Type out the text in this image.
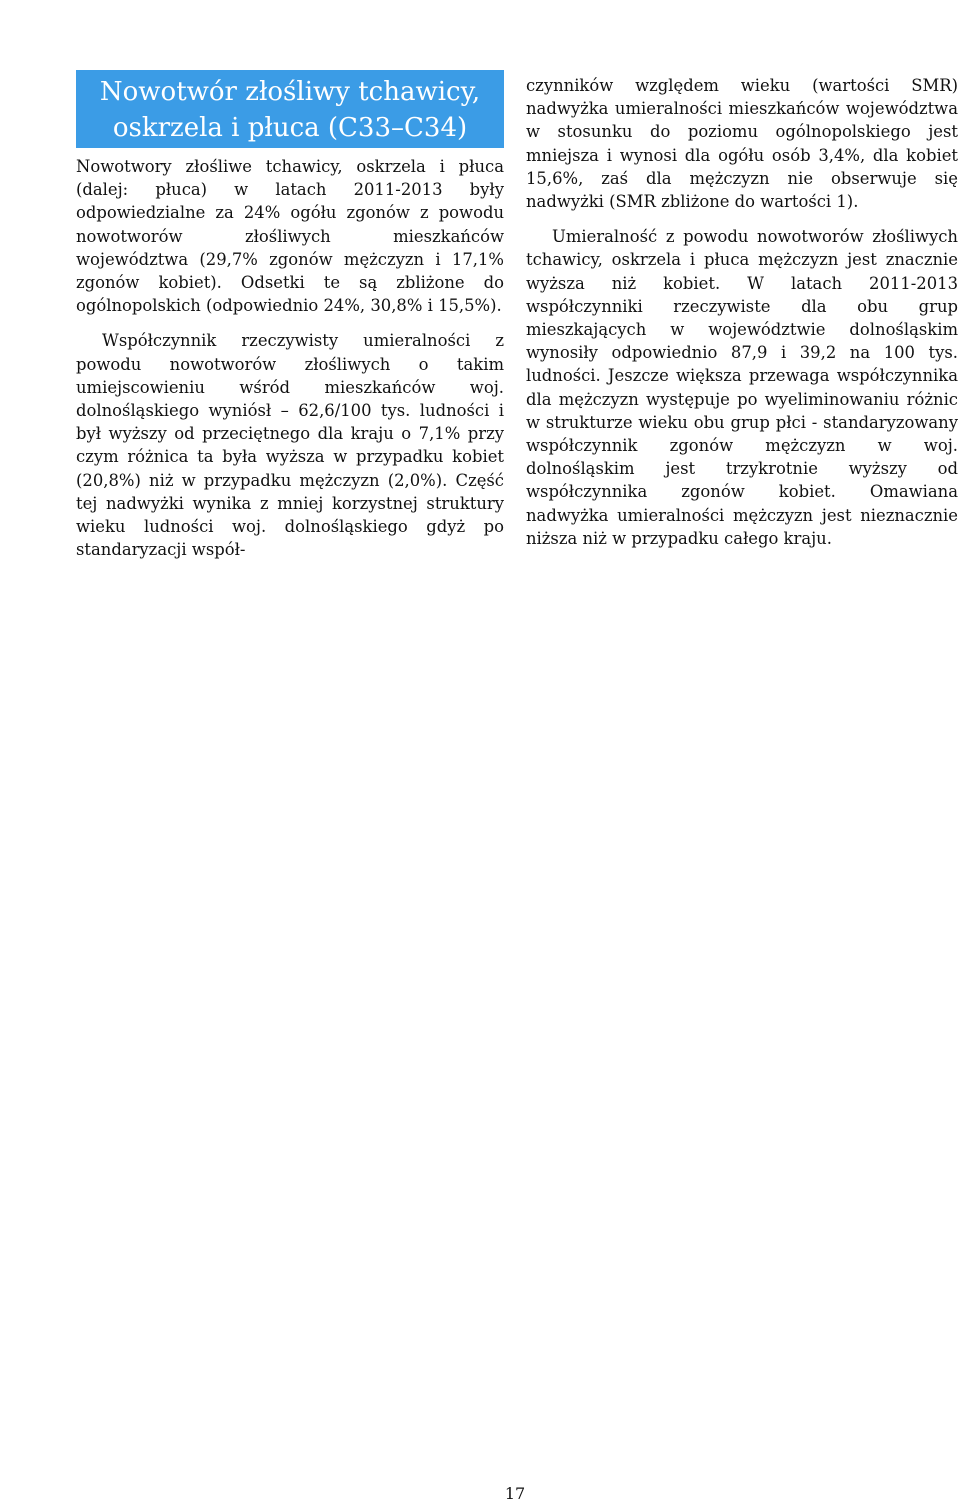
Nowotwór złośliwy tchawicy,
oskrzela i płuca (C33–C34)

Nowotwory złośliwe tchawicy, oskrzela i płuca (dalej: płuca) w latach 2011-2013 były odpowiedzialne za 24% ogółu zgonów z powodu nowotworów złośliwych mieszkańców województwa (29,7% zgonów mężczyzn i 17,1% zgonów kobiet). Odsetki te są zbliżone do ogólnopolskich (odpowiednio 24%, 30,8% i 15,5%).

Współczynnik rzeczywisty umieralności z powodu nowotworów złośliwych o takim umiejscowieniu wśród mieszkańców woj. dolnośląskiego wyniósł – 62,6/100 tys. ludności i był wyższy od przeciętnego dla kraju o 7,1% przy czym różnica ta była wyższa w przypadku kobiet (20,8%) niż w przypadku mężczyzn (2,0%). Część tej nadwyżki wynika z mniej korzystnej struktury wieku ludności woj. dolnośląskiego gdyż po standaryzacji współ-

czynników względem wieku (wartości SMR) nadwyżka umieralności mieszkańców województwa w stosunku do poziomu ogólnopolskiego jest mniejsza i wynosi dla ogółu osób 3,4%, dla kobiet 15,6%, zaś dla mężczyzn nie obserwuje się nadwyżki (SMR zbliżone do wartości 1).

Umieralność z powodu nowotworów złośliwych tchawicy, oskrzela i płuca mężczyzn jest znacznie wyższa niż kobiet. W latach 2011-2013 współczynniki rzeczywiste dla obu grup mieszkających w województwie dolnośląskim wynosiły odpowiednio 87,9 i 39,2 na 100 tys. ludności. Jeszcze większa przewaga współczynnika dla mężczyzn występuje po wyeliminowaniu różnic w strukturze wieku obu grup płci - standaryzowany współczynnik zgonów mężczyzn w woj. dolnośląskim jest trzykrotnie wyższy od współczynnika zgonów kobiet. Omawiana nadwyżka umieralności mężczyzn jest nieznacznie niższa niż w przypadku całego kraju.

17
